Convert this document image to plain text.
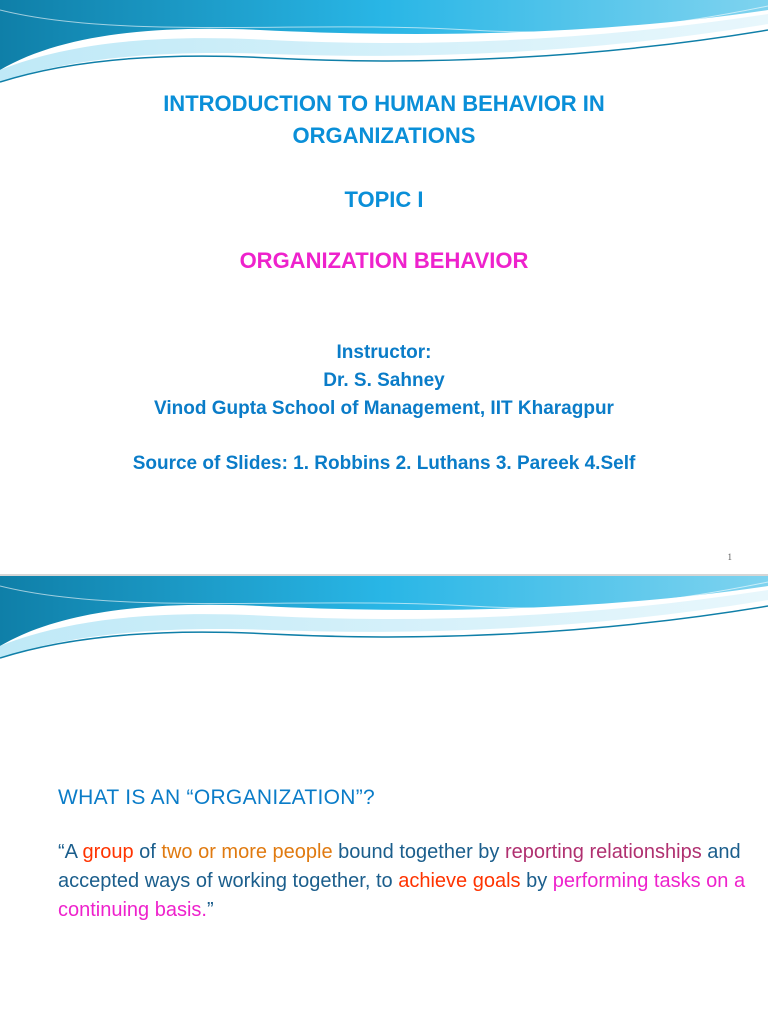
INTRODUCTION TO HUMAN BEHAVIOR IN
ORGANIZATIONS
TOPIC I
ORGANIZATION BEHAVIOR
Instructor:
Dr. S. Sahney
Vinod Gupta School of Management, IIT Kharagpur
Source of Slides: 1. Robbins 2. Luthans 3. Pareek 4.Self
1
WHAT IS AN “ORGANIZATION”?
“A group of two or more people bound together by reporting relationships and accepted ways of working together, to achieve goals by performing tasks on a continuing basis.”
